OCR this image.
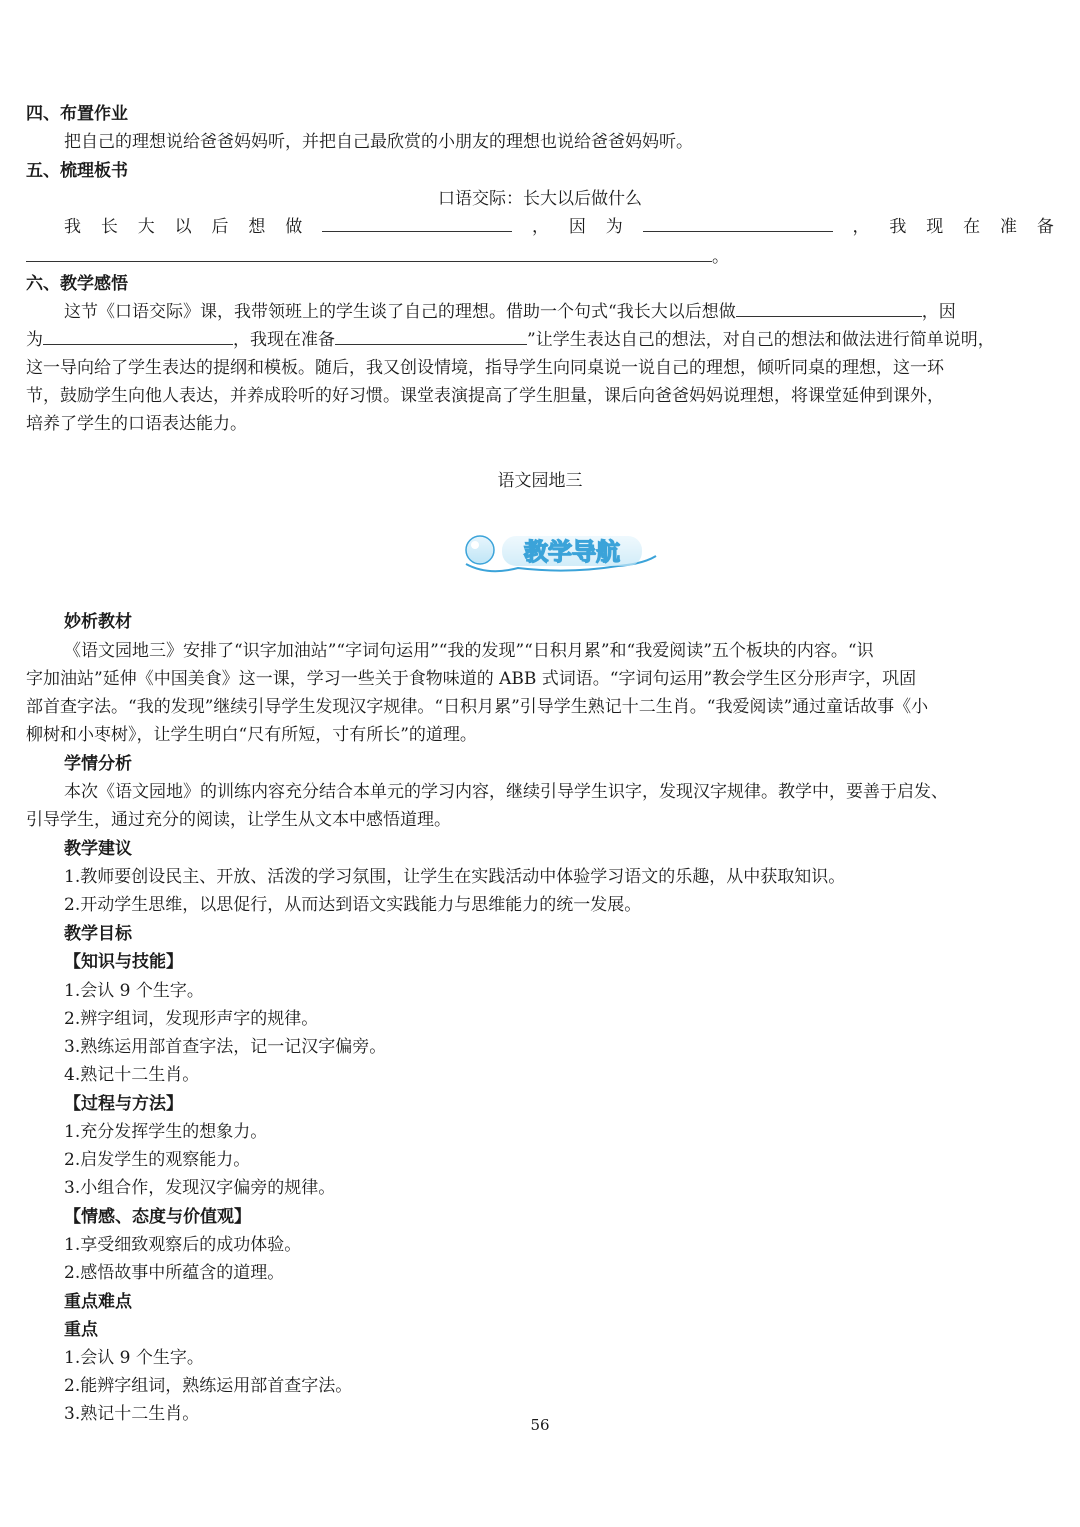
四、布置作业
把自己的理想说给爸爸妈妈听，并把自己最欣赏的小朋友的理想也说给爸爸妈妈听。
五、梳理板书
口语交际：长大以后做什么
我 长 大 以 后 想 做	， 因 为	， 我 现 在 准 备
。
六、教学感悟
这节《口语交际》课，我带领班上的学生谈了自己的理想。借助一个句式“我长大以后想做	，因
为	，我现在准备	”让学生表达自己的想法，对自己的想法和做法进行简单说明，
这一导向给了学生表达的提纲和模板。随后，我又创设情境，指导学生向同桌说一说自己的理想，倾听同桌的理想，这一环
节，鼓励学生向他人表达，并养成聆听的好习惯。课堂表演提高了学生胆量，课后向爸爸妈妈说理想，将课堂延伸到课外，
培养了学生的口语表达能力。
语文园地三
教学导航
妙析教材
《语文园地三》安排了“识字加油站”“字词句运用”“我的发现”“日积月累”和“我爱阅读”五个板块的内容。“识
字加油站”延伸《中国美食》这一课，学习一些关于食物味道的 ABB 式词语。“字词句运用”教会学生区分形声字，巩固
部首查字法。“我的发现”继续引导学生发现汉字规律。“日积月累”引导学生熟记十二生肖。“我爱阅读”通过童话故事《小
柳树和小枣树》，让学生明白“尺有所短，寸有所长”的道理。
学情分析
本次《语文园地》的训练内容充分结合本单元的学习内容，继续引导学生识字，发现汉字规律。教学中，要善于启发、
引导学生，通过充分的阅读，让学生从文本中感悟道理。
教学建议
1.教师要创设民主、开放、活泼的学习氛围，让学生在实践活动中体验学习语文的乐趣，从中获取知识。
2.开动学生思维，以思促行，从而达到语文实践能力与思维能力的统一发展。
教学目标
【知识与技能】
1.会认 9 个生字。
2.辨字组词，发现形声字的规律。
3.熟练运用部首查字法，记一记汉字偏旁。
4.熟记十二生肖。
【过程与方法】
1.充分发挥学生的想象力。
2.启发学生的观察能力。
3.小组合作，发现汉字偏旁的规律。
【情感、态度与价值观】
1.享受细致观察后的成功体验。
2.感悟故事中所蕴含的道理。
重点难点
重点
1.会认 9 个生字。
2.能辨字组词，熟练运用部首查字法。
3.熟记十二生肖。
56
